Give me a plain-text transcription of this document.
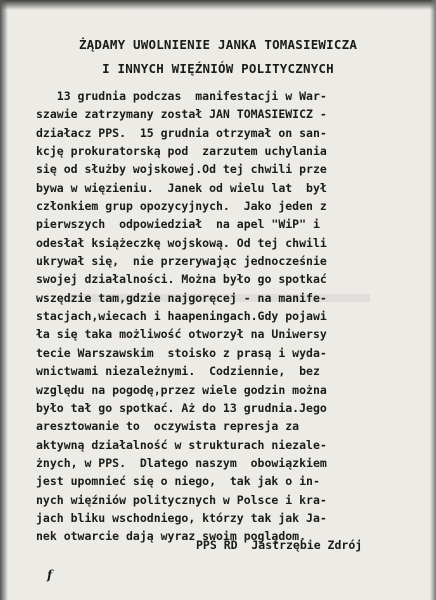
ŻĄDAMY UWOLNIENIE JANKA TOMASIEWICZA
I INNYCH WIĘŹNIÓW POLITYCZNYCH
13 grudnia podczas  manifestacji w War-
szawie zatrzymany został JAN TOMASIEWICZ -
działacz PPS.  15 grudnia otrzymał on san-
kcję prokuratorską pod  zarzutem uchylania
się od służby wojskowej.Od tej chwili prze
bywa w więzieniu.  Janek od wielu lat  był
członkiem grup opozycyjnych.  Jako jeden z
pierwszych  odpowiedział  na apel "WiP" i
odesłał książeczkę wojskową. Od tej chwili
ukrywał się,  nie przerywając jednocześnie
swojej działalności. Można było go spotkać
wszędzie tam,gdzie najgoręcej - na manife-
stacjach,wiecach i haapeningach.Gdy pojawi
ła się taka możliwość otworzył na Uniwersy
tecie Warszawskim  stoisko z prasą i wyda-
wnictwami niezależnymi.  Codziennie,  bez
względu na pogodę,przez wiele godzin można
było tał go spotkać. Aż do 13 grudnia.Jego
aresztowanie to  oczywista represja za
aktywną działalność w strukturach niezale-
żnych, w PPS.  Dlatego naszym  obowiązkiem
jest upomnieć się o niego,  tak jak o in-
nych więźniów politycznych w Polsce i kra-
jach bliku wschodniego, którzy tak jak Ja-
nek otwarcie dają wyraz swoim poglądom.
PPS RD  Jastrzębie Zdrój
f
